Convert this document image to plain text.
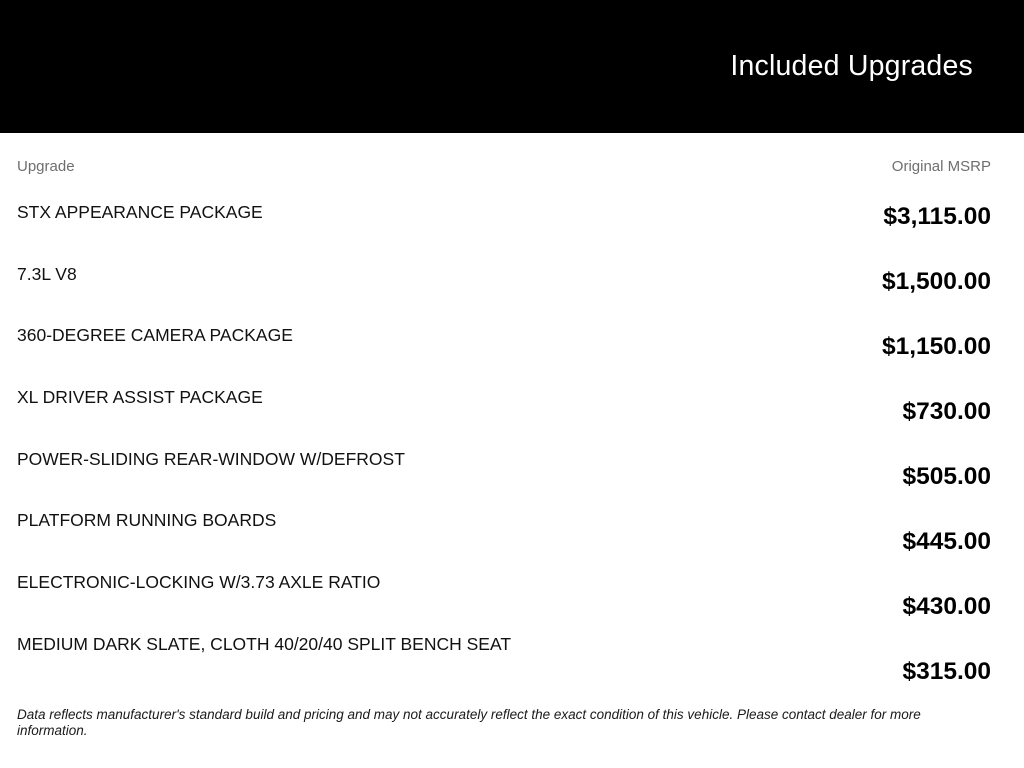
Included Upgrades
Upgrade	Original MSRP
STX APPEARANCE PACKAGE
7.3L V8
360-DEGREE CAMERA PACKAGE
XL DRIVER ASSIST PACKAGE
POWER-SLIDING REAR-WINDOW W/DEFROST
PLATFORM RUNNING BOARDS
ELECTRONIC-LOCKING W/3.73 AXLE RATIO
MEDIUM DARK SLATE, CLOTH 40/20/40 SPLIT BENCH SEAT
$3,115.00
$1,500.00
$1,150.00
$730.00
$505.00
$445.00
$430.00
$315.00

Data reflects manufacturer's standard build and pricing and may not accurately reflect the exact condition of this vehicle. Please contact dealer for more information.
